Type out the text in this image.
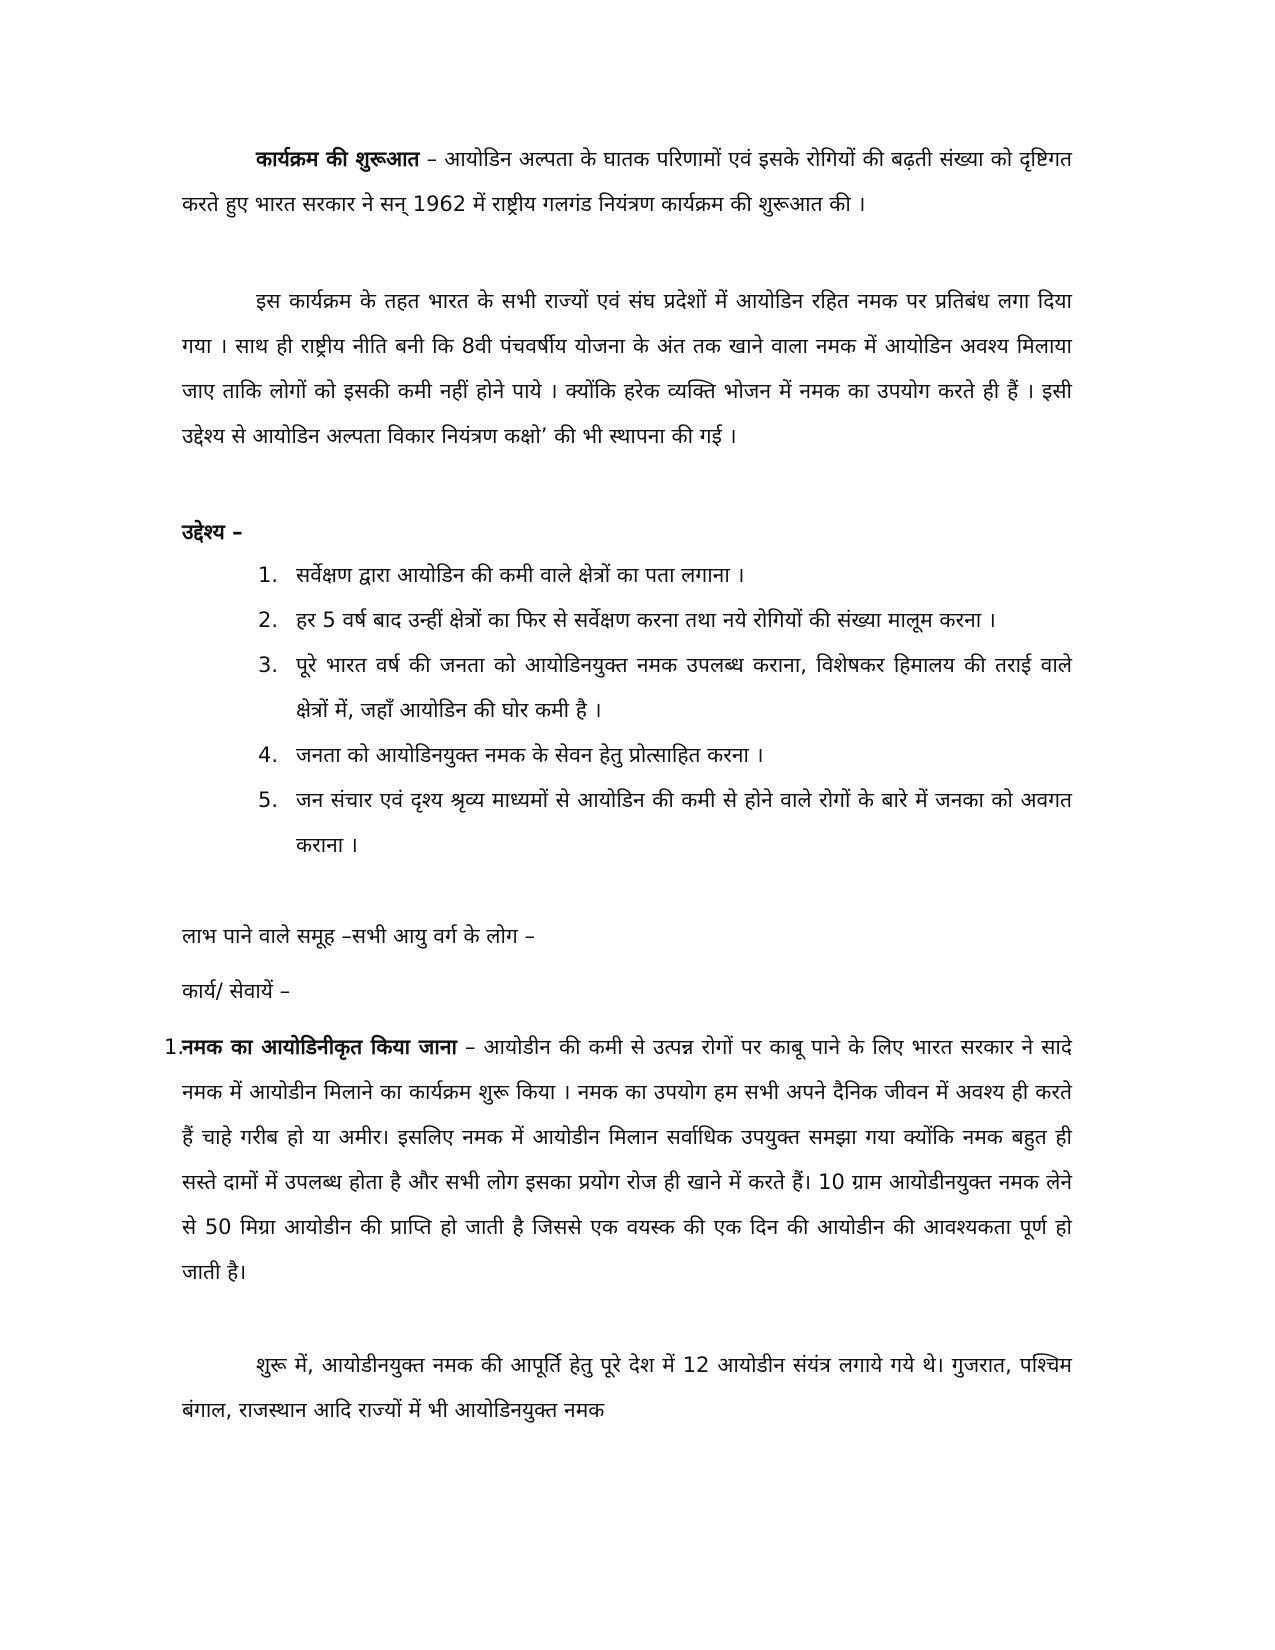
कार्यक्रम की शुरूआत – आयोडिन अल्पता के घातक परिणामों एवं इसके रोगियों की बढ़ती संख्या को दृष्टिगत करते हुए भारत सरकार ने सन् 1962 में राष्ट्रीय गलगंड नियंत्रण कार्यक्रम की शुरूआत की ।

इस कार्यक्रम के तहत भारत के सभी राज्यों एवं संघ प्रदेशों में आयोडिन रहित नमक पर प्रतिबंध लगा दिया गया । साथ ही राष्ट्रीय नीति बनी कि 8वी पंचवर्षीय योजना के अंत तक खाने वाला नमक में आयोडिन अवश्य मिलाया जाए ताकि लोगों को इसकी कमी नहीं होने पाये । क्योंकि हरेक व्यक्ति भोजन में नमक का उपयोग करते ही हैं । इसी उद्देश्य से आयोडिन अल्पता विकार नियंत्रण कक्षो’ की भी स्थापना की गई ।

उद्देश्य –

1. सर्वेक्षण द्वारा आयोडिन की कमी वाले क्षेत्रों का पता लगाना ।
2. हर 5 वर्ष बाद उन्हीं क्षेत्रों का फिर से सर्वेक्षण करना तथा नये रोगियों की संख्या मालूम करना ।
3. पूरे भारत वर्ष की जनता को आयोडिनयुक्त नमक उपलब्ध कराना, विशेषकर हिमालय की तराई वाले क्षेत्रों में, जहॉं आयोडिन की घोर कमी है ।
4. जनता को आयोडिनयुक्त नमक के सेवन हेतु प्रोत्साहित करना ।
5. जन संचार एवं दृश्य श्रृव्य माध्यमों से आयोडिन की कमी से होने वाले रोगों के बारे में जनका को अवगत कराना ।

लाभ पाने वाले समूह –सभी आयु वर्ग के लोग –

कार्य/ सेवायें –

1.
नमक का आयोडिनीकृत किया जाना – आयोडीन की कमी से उत्पन्न रोगों पर काबू पाने के लिए भारत सरकार ने सादे नमक में आयोडीन मिलाने का कार्यक्रम शुरू किया । नमक का उपयोग हम सभी अपने दैनिक जीवन में अवश्य ही करते हैं चाहे गरीब हो या अमीर। इसलिए नमक में आयोडीन मिलान सर्वाधिक उपयुक्त समझा गया क्योंकि नमक बहुत ही सस्ते दामों में उपलब्ध होता है और सभी लोग इसका प्रयोग रोज ही खाने में करते हैं। 10 ग्राम आयोडीनयुक्त नमक लेने से 50 मिग्रा आयोडीन की प्राप्ति हो जाती है जिससे एक वयस्क की एक दिन की आयोडीन की आवश्यकता पूर्ण हो जाती है।

शुरू में, आयोडीनयुक्त नमक की आपूर्ति हेतु पूरे देश में 12 आयोडीन संयंत्र लगाये गये थे। गुजरात, पश्चिम बंगाल, राजस्थान आदि राज्यों में भी आयोडिनयुक्त नमक
